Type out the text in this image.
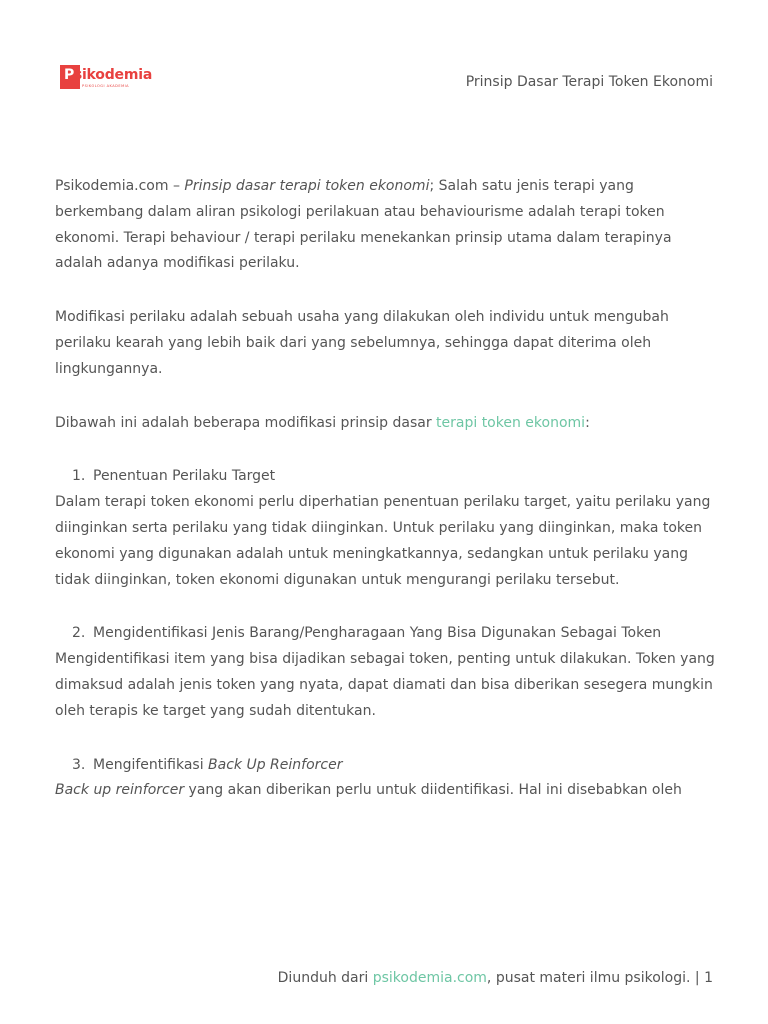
Psikodemia
PSIKOLOGI AKADEMIA	Prinsip Dasar Terapi Token Ekonomi

Psikodemia.com – Prinsip dasar terapi token ekonomi; Salah satu jenis terapi yang berkembang dalam aliran psikologi perilakuan atau behaviourisme adalah terapi token ekonomi. Terapi behaviour / terapi perilaku menekankan prinsip utama dalam terapinya adalah adanya modifikasi perilaku.

Modifikasi perilaku adalah sebuah usaha yang dilakukan oleh individu untuk mengubah perilaku kearah yang lebih baik dari yang sebelumnya, sehingga dapat diterima oleh lingkungannya.

Dibawah ini adalah beberapa modifikasi prinsip dasar terapi token ekonomi:

1. Penentuan Perilaku Target

Dalam terapi token ekonomi perlu diperhatian penentuan perilaku target, yaitu perilaku yang diinginkan serta perilaku yang tidak diinginkan. Untuk perilaku yang diinginkan, maka token ekonomi yang digunakan adalah untuk meningkatkannya, sedangkan untuk perilaku yang tidak diinginkan, token ekonomi digunakan untuk mengurangi perilaku tersebut.

2. Mengidentifikasi Jenis Barang/Pengharagaan Yang Bisa Digunakan Sebagai Token

Mengidentifikasi item yang bisa dijadikan sebagai token, penting untuk dilakukan. Token yang dimaksud adalah jenis token yang nyata, dapat diamati dan bisa diberikan sesegera mungkin oleh terapis ke target yang sudah ditentukan.

3. Mengifentifikasi Back Up Reinforcer

Back up reinforcer yang akan diberikan perlu untuk diidentifikasi. Hal ini disebabkan oleh

Diunduh dari psikodemia.com, pusat materi ilmu psikologi. | 1
